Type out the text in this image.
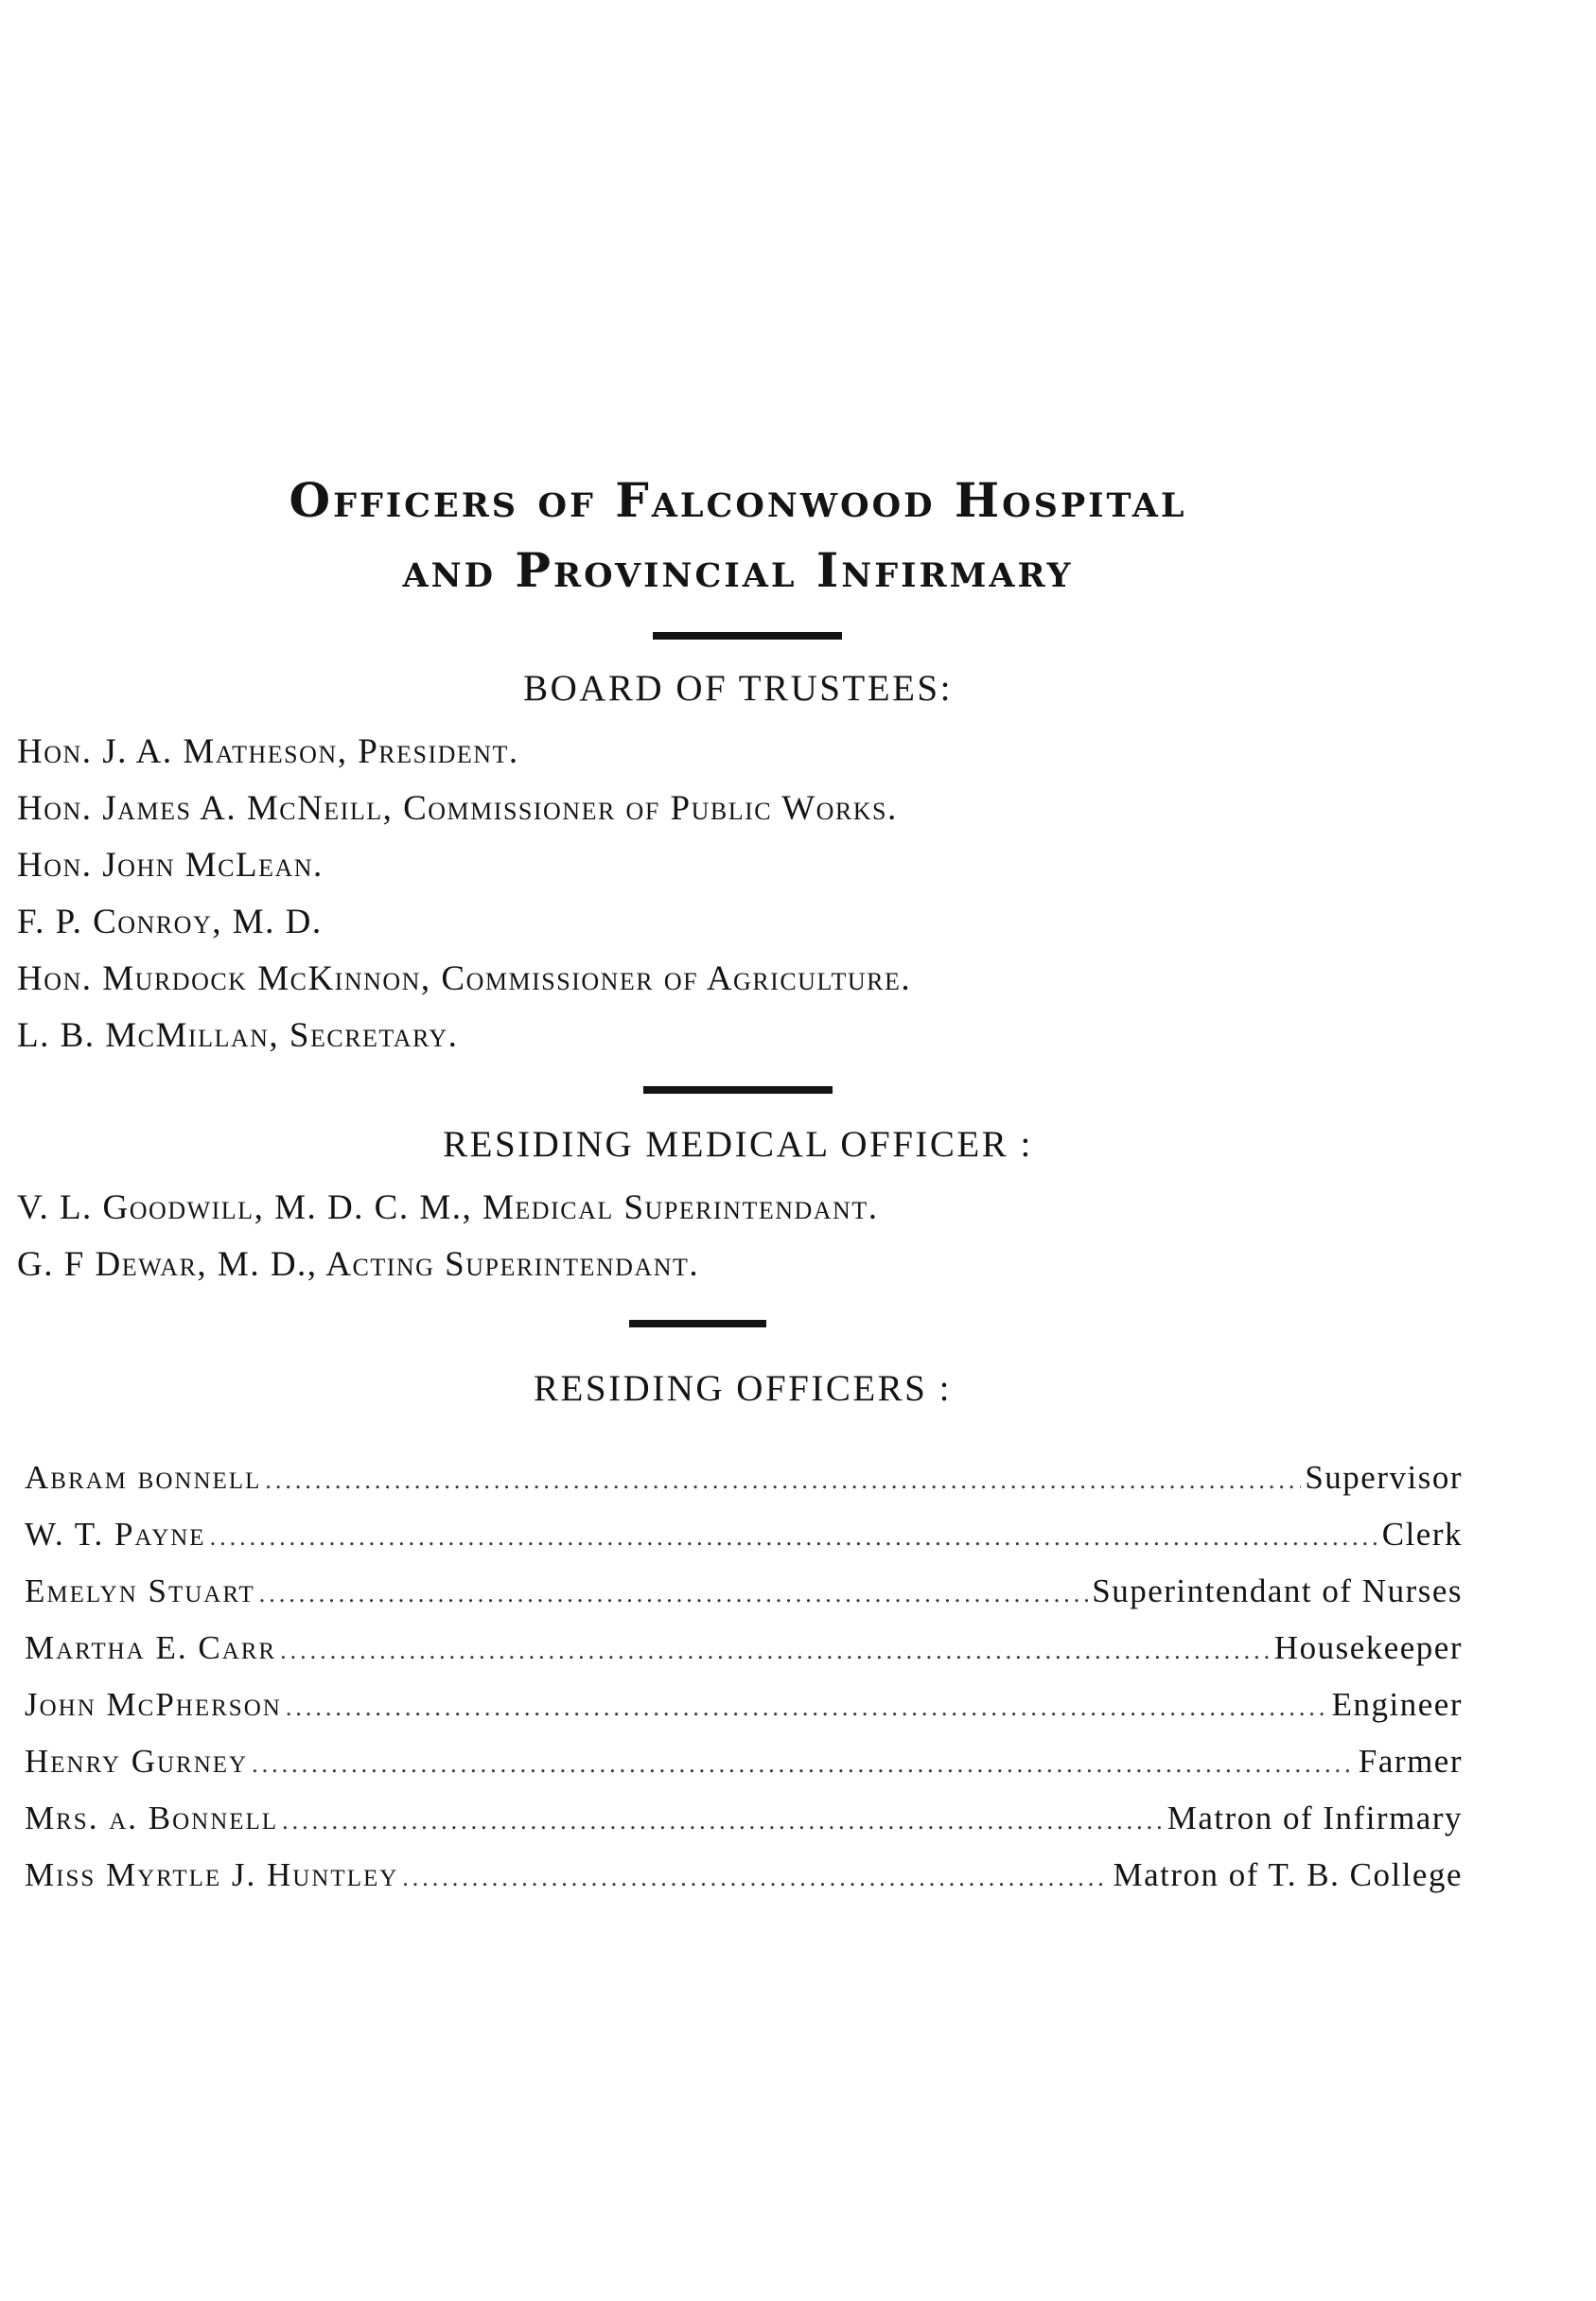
Officers of Falconwood Hospital
and Provincial Infirmary
BOARD OF TRUSTEES:
Hon. J. A. Matheson, President.
Hon. James A. McNeill, Commissioner of Public Works.
Hon. John McLean.
F. P. Conroy, M. D.
Hon. Murdock McKinnon, Commissioner of Agriculture.
L. B. McMillan, Secretary.
RESIDING MEDICAL OFFICER :
V. L. Goodwill, M. D. C. M., Medical Superintendant.
G. F Dewar, M. D., Acting Superintendant.
RESIDING OFFICERS :
Abram bonnell .....	Supervisor
W. T. Payne .....	Clerk
Emelyn Stuart .....	Superintendant of Nurses
Martha E. Carr .....	Housekeeper
John McPherson .....	Engineer
Henry Gurney .....	Farmer
Mrs. a. Bonnell .....	Matron of Infirmary
Miss Myrtle J. Huntley .....	Matron of T. B. College
